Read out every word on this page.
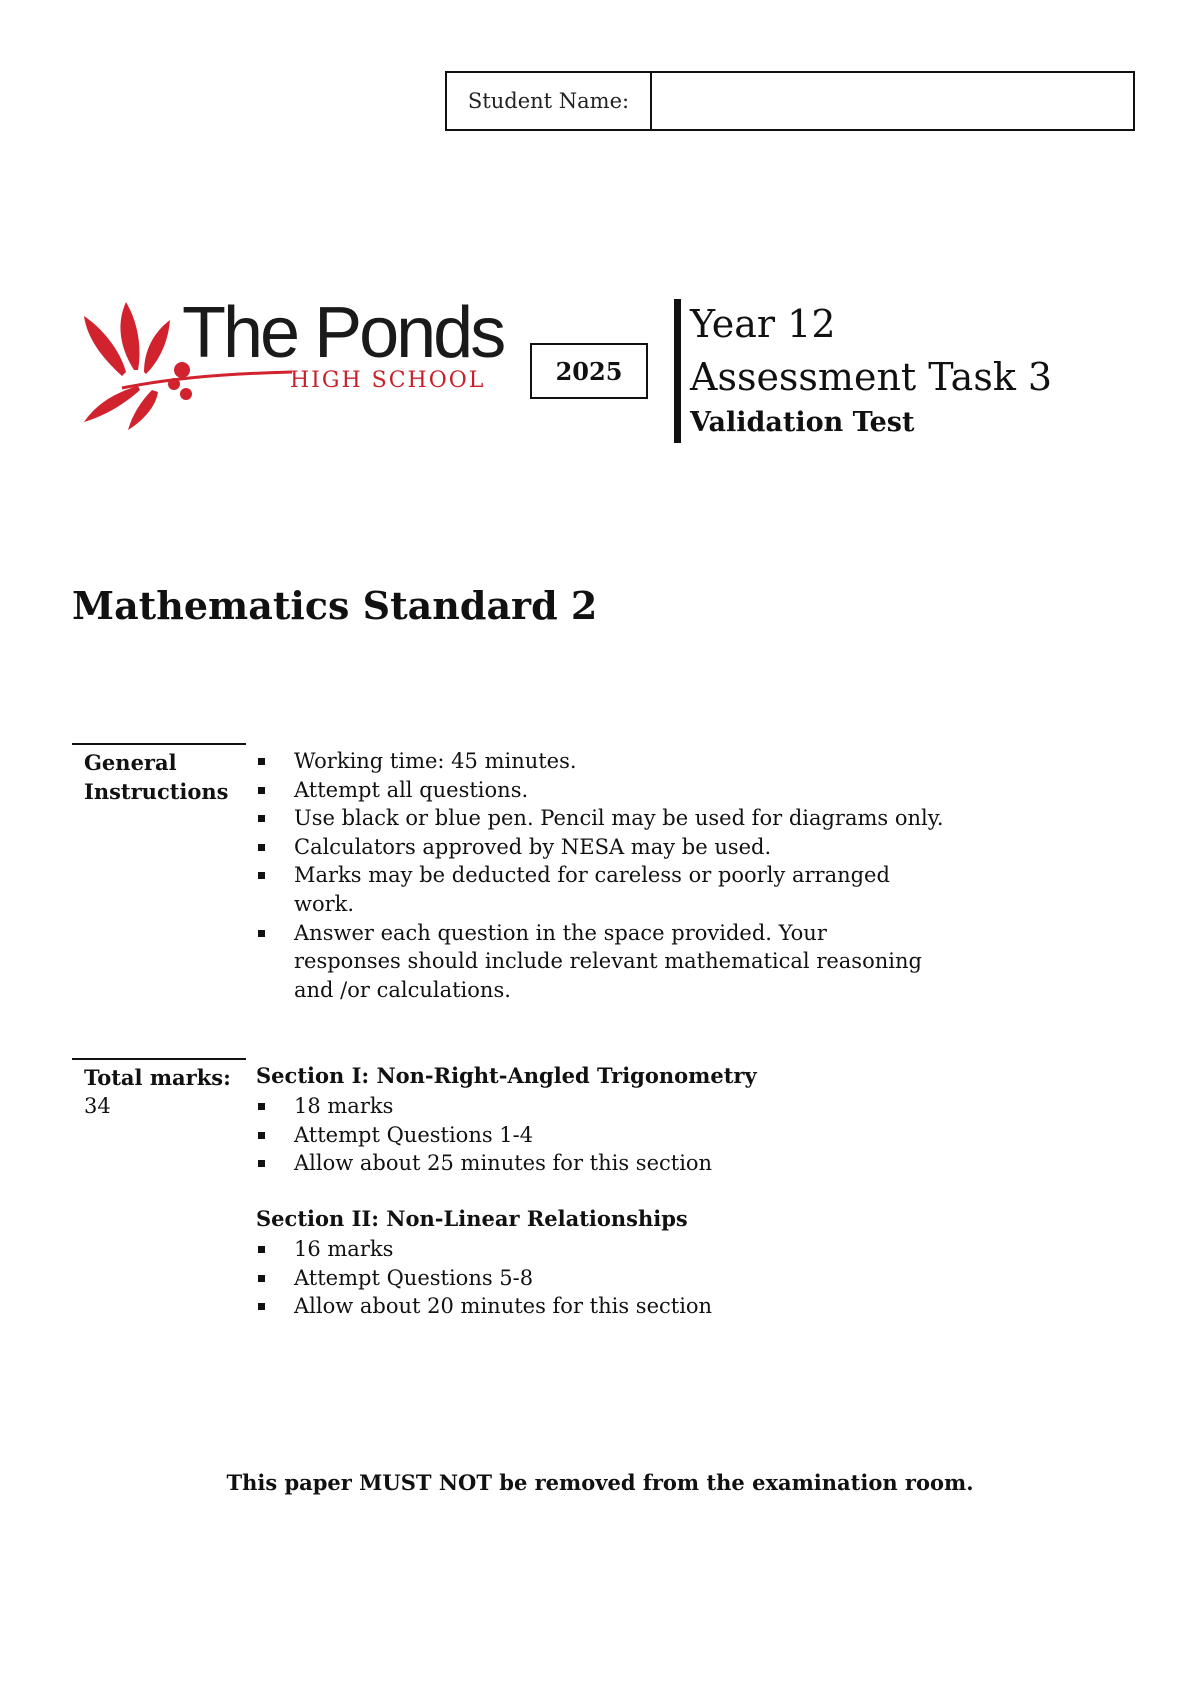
Student Name:
The Ponds
HIGH SCHOOL	2025
Year 12
Assessment Task 3
Validation Test
Mathematics Standard 2
General
Instructions
Working time: 45 minutes.
Attempt all questions.
Use black or blue pen. Pencil may be used for diagrams only.
Calculators approved by NESA may be used.
Marks may be deducted for careless or poorly arranged work.
Answer each question in the space provided. Your responses should include relevant mathematical reasoning and /or calculations.
Total marks:
34
Section I: Non-Right-Angled Trigonometry
18 marks
Attempt Questions 1-4
Allow about 25 minutes for this section
Section II: Non-Linear Relationships
16 marks
Attempt Questions 5-8
Allow about 20 minutes for this section
This paper MUST NOT be removed from the examination room.
